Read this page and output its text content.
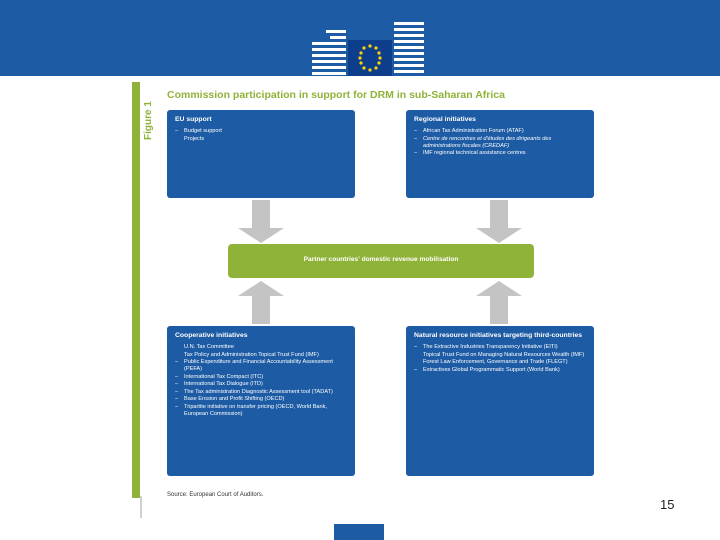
Figure 1
Commission participation in support for DRM in sub-Saharan Africa
EU support
– Budget support
Projects
Regional initiatives
– African Tax Administration Forum (ATAF)
– Centre de rencontres et d'études des dirigeants des administrations fiscales (CREDAF)
– IMF regional technical assistance centres
Partner countries' domestic revenue mobilisation
Cooperative initiatives
U.N. Tax Committee
Tax Policy and Administration Topical Trust Fund (IMF)
– Public Expenditure and Financial Accountability Assessment (PEFA)
– International Tax Compact (ITC)
– International Tax Dialogue (ITD)
– The Tax administration Diagnostic Assessment tool (TADAT)
– Base Erosion and Profit Shifting (OECD)
– Tripartite initiative on transfer pricing (OECD, World Bank, European Commission)
Natural resource initiatives targeting third-countries
– The Extractive Industries Transparency Initiative (EITI)
Topical Trust Fund on Managing Natural Resources Wealth (IMF)
Forest Law Enforcement, Governance and Trade (FLEGT)
– Extractives Global Programmatic Support (World Bank)
Source: European Court of Auditors.
15
